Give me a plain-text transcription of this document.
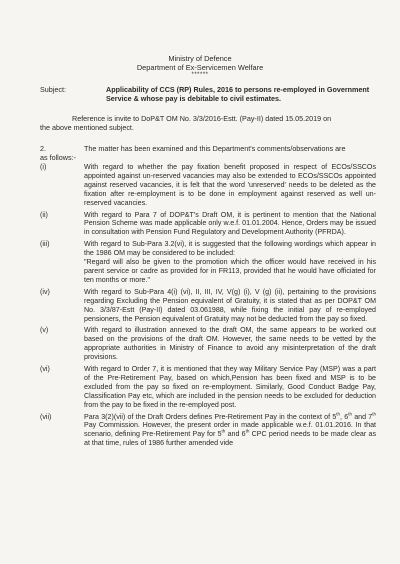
Ministry of Defence
Department of Ex-Servicemen Welfare
******
Subject:	Applicability of CCS (RP) Rules, 2016 to persons re-employed in Government Service & whose pay is debitable to civil estimates.
Reference is invite to DoP&T OM No. 3/3/2016-Estt. (Pay-II) dated 15.05.2019 on
the above mentioned subject.
2.	The matter has been examined and this Department's comments/observations are
as follows:-
(i)	With regard to whether the pay fixation benefit proposed in respect of ECOs/SSCOs appointed against un-reserved vacancies may also be extended to ECOs/SSCOs appointed against reserved vacancies, it is felt that the word 'unreserved' needs to be deleted as the fixation after re-employment is to be done in employment against reserved as well un-reserved vacancies.
(ii)	With regard to Para 7 of DOP&T's Draft OM, it is pertinent to mention that the National Pension Scheme was made applicable only w.e.f. 01.01.2004. Hence, Orders may be issued in consultation with Pension Fund Regulatory and Development Authority (PFRDA).
(iii)	With regard to Sub-Para 3.2(vi), it is suggested that the following wordings which appear in the 1986 OM may be considered to be included:
"Regard will also be given to the promotion which the officer would have received in his parent service or cadre as provided for in FR113, provided that he would have officiated for ten months or more."
(iv)	With regard to Sub-Para 4(i) (vi), II, III, IV, V(g) (i), V (g) (ii), pertaining to the provisions regarding Excluding the Pension equivalent of Gratuity, it is stated that as per DOP&T OM No. 3/3/87-Estt (Pay-II) dated 03.061988, while fixing the initial pay of re-employed pensioners, the Pension equivalent of Gratuity may not be deducted from the pay so fixed.
(v)	With regard to illustration annexed to the draft OM, the same appears to be worked out based on the provisions of the draft OM. However, the same needs to be vetted by the appropriate authorities in Ministry of Finance to avoid any misinterpretation of the draft provisions.
(vi)	With regard to Order 7, it is mentioned that they way Military Service Pay (MSP) was a part of the Pre-Retirement Pay, based on which,Pension has been fixed and MSP is to be excluded from the pay so fixed on re-employment. Similarly, Good Conduct Badge Pay, Classification Pay etc, which are included in the pension needs to be excluded for deduction from the pay to be fixed in the re-employed post.
(vii)	Para 3(2)(vii) of the Draft Orders defines Pre-Retirement Pay in the context of 5th, 6th and 7th Pay Commission. However, the present order in made applicable w.e.f. 01.01.2016. In that scenario, defining Pre-Retirement Pay for 5th and 6th CPC period needs to be made clear as at that time, rules of 1986 further amended vide
